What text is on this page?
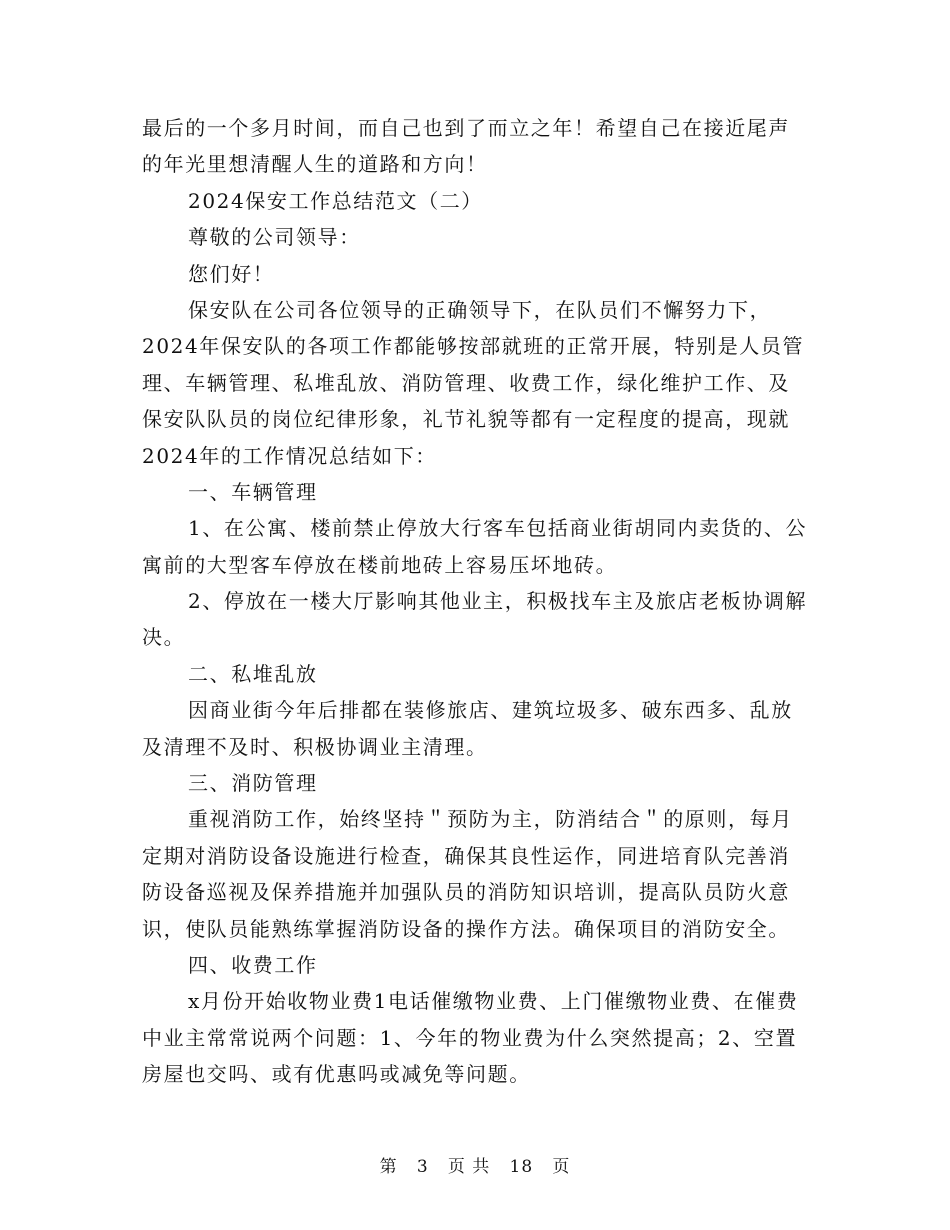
最后的一个多月时间，而自己也到了而立之年！希望自己在接近尾声
的年光里想清醒人生的道路和方向！
2024保安工作总结范文（二）
尊敬的公司领导：
您们好！
保安队在公司各位领导的正确领导下，在队员们不懈努力下，
2024年保安队的各项工作都能够按部就班的正常开展，特别是人员管
理、车辆管理、私堆乱放、消防管理、收费工作，绿化维护工作、及
保安队队员的岗位纪律形象，礼节礼貌等都有一定程度的提高，现就
2024年的工作情况总结如下：
一、车辆管理
1、在公寓、楼前禁止停放大行客车包括商业街胡同内卖货的、公
寓前的大型客车停放在楼前地砖上容易压坏地砖。
2、停放在一楼大厅影响其他业主，积极找车主及旅店老板协调解
决。
二、私堆乱放
因商业街今年后排都在装修旅店、建筑垃圾多、破东西多、乱放
及清理不及时、积极协调业主清理。
三、消防管理
重视消防工作，始终坚持＂预防为主，防消结合＂的原则，每月
定期对消防设备设施进行检查，确保其良性运作，同进培育队完善消
防设备巡视及保养措施并加强队员的消防知识培训，提高队员防火意
识，使队员能熟练掌握消防设备的操作方法。确保项目的消防安全。
四、收费工作
x月份开始收物业费1电话催缴物业费、上门催缴物业费、在催费
中业主常常说两个问题：1、今年的物业费为什么突然提高；2、空置
房屋也交吗、或有优惠吗或减免等问题。
第 3 页 共 18 页
